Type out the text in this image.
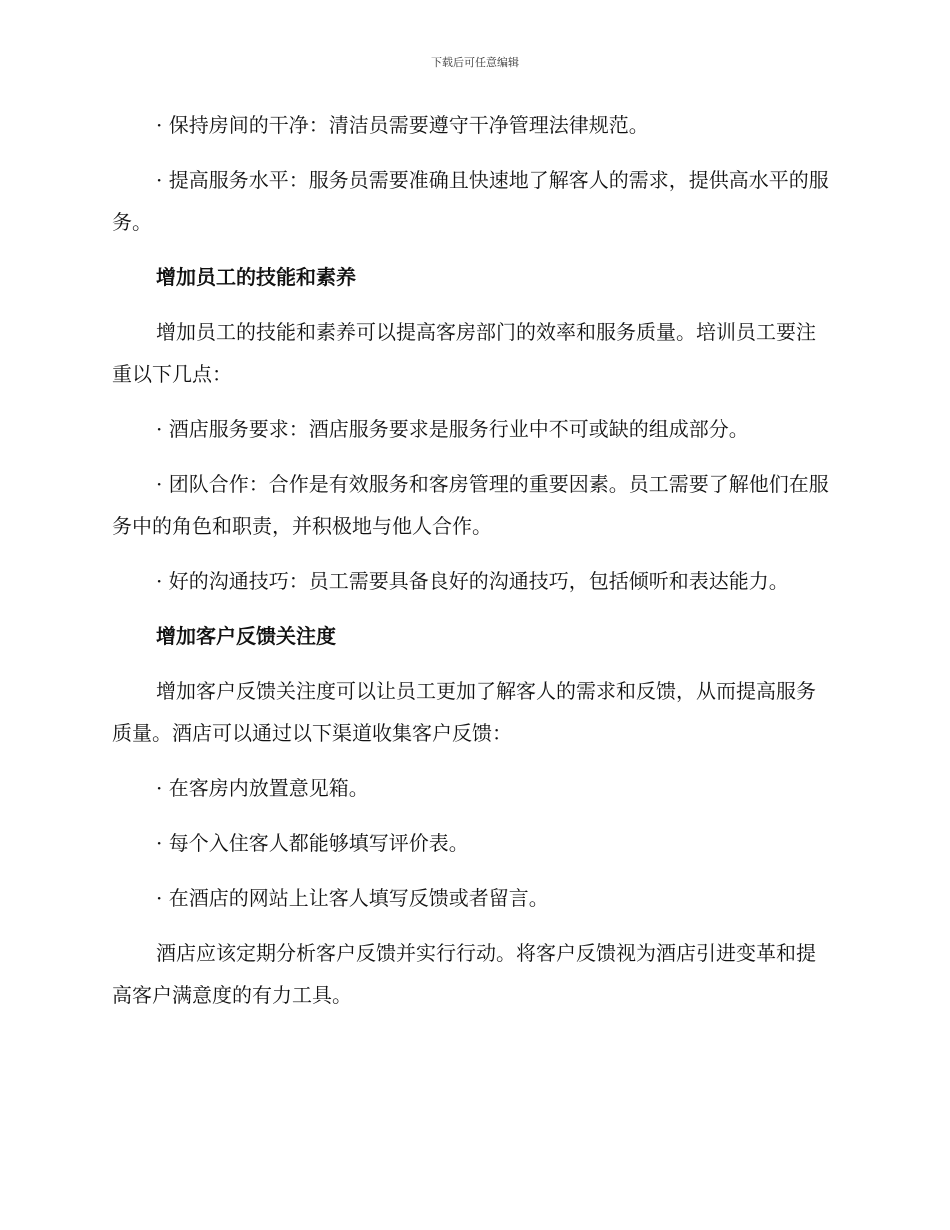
下载后可任意编辑

· 保持房间的干净：清洁员需要遵守干净管理法律规范。

· 提高服务水平：服务员需要准确且快速地了解客人的需求，提供高水平的服务。

增加员工的技能和素养

增加员工的技能和素养可以提高客房部门的效率和服务质量。培训员工要注重以下几点：

· 酒店服务要求：酒店服务要求是服务行业中不可或缺的组成部分。

· 团队合作：合作是有效服务和客房管理的重要因素。员工需要了解他们在服务中的角色和职责，并积极地与他人合作。

· 好的沟通技巧：员工需要具备良好的沟通技巧，包括倾听和表达能力。

增加客户反馈关注度

增加客户反馈关注度可以让员工更加了解客人的需求和反馈，从而提高服务质量。酒店可以通过以下渠道收集客户反馈：

· 在客房内放置意见箱。

· 每个入住客人都能够填写评价表。

· 在酒店的网站上让客人填写反馈或者留言。

酒店应该定期分析客户反馈并实行行动。将客户反馈视为酒店引进变革和提高客户满意度的有力工具。
